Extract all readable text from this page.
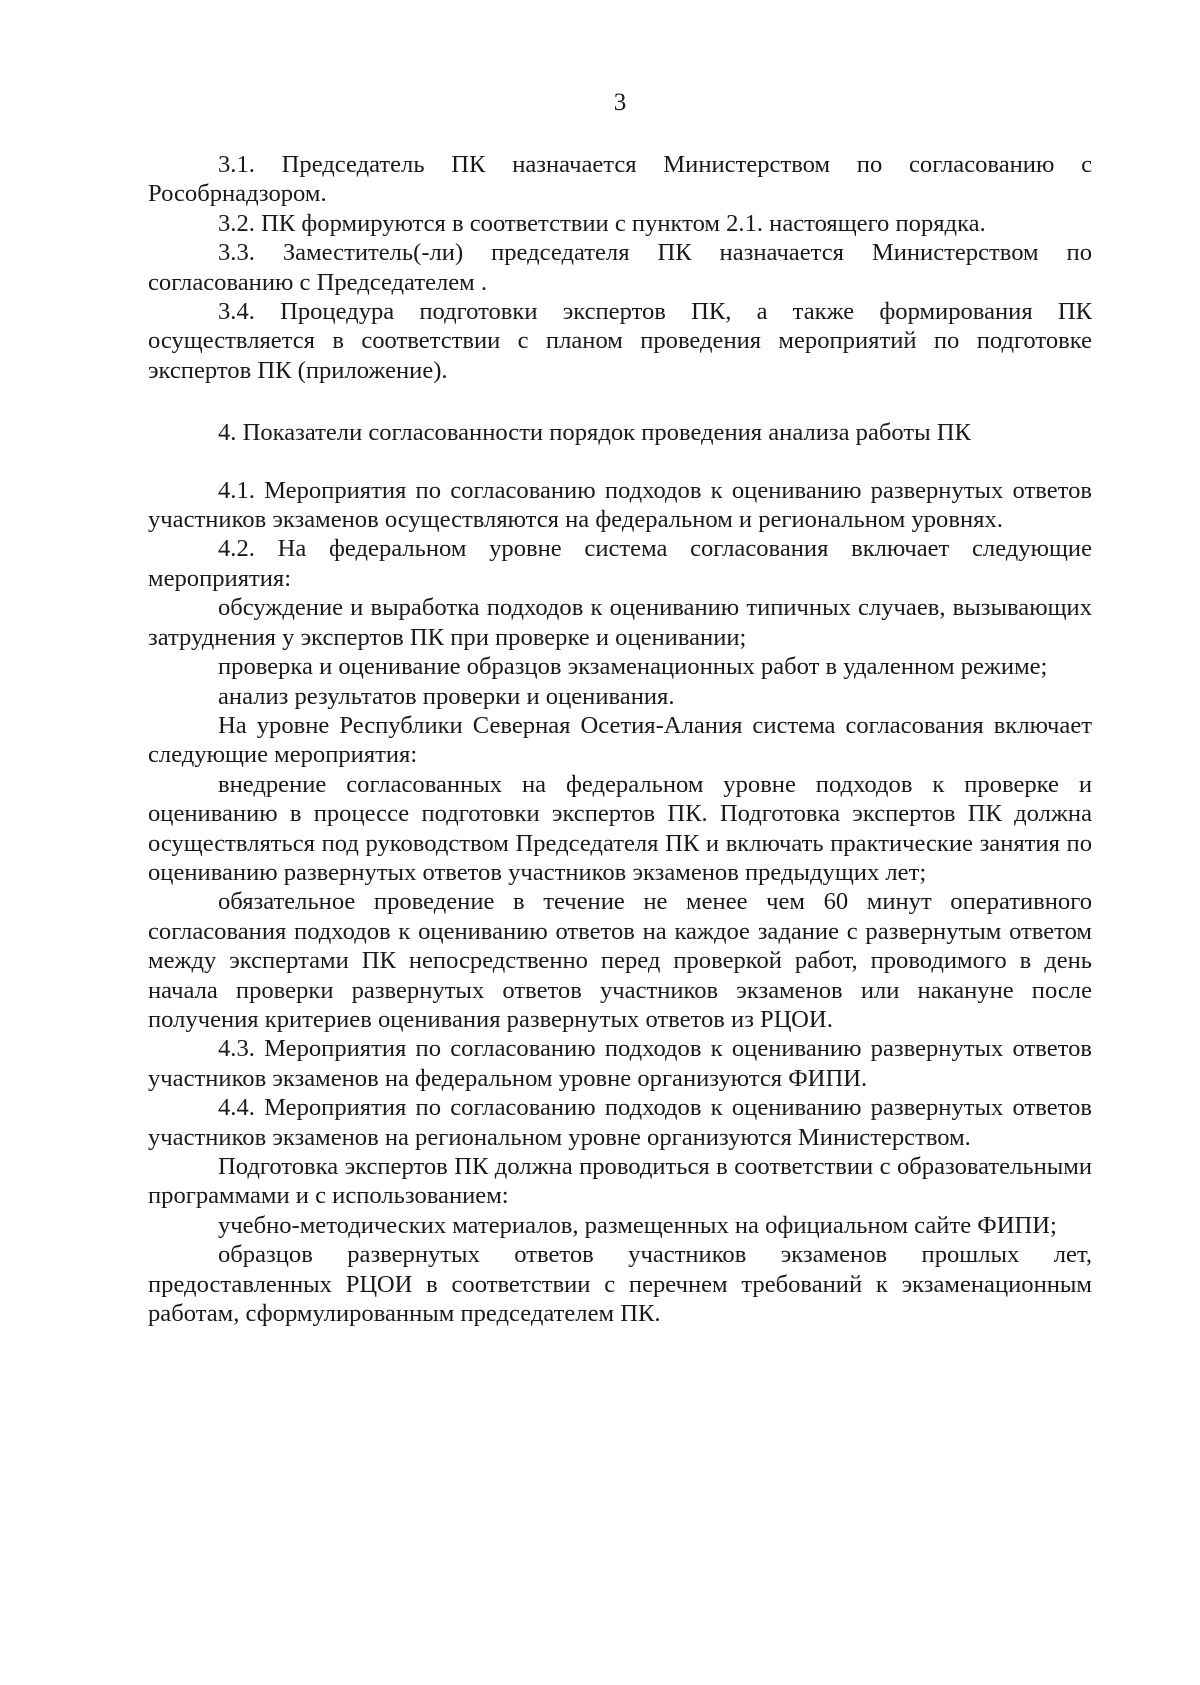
3

3.1. Председатель ПК назначается Министерством по согласованию с Рособрнадзором.

3.2. ПК формируются в соответствии с пунктом 2.1. настоящего порядка.

3.3. Заместитель(-ли) председателя ПК назначается Министерством по согласованию с Председателем .

3.4. Процедура подготовки экспертов ПК, а также формирования ПК осуществляется в соответствии с планом проведения мероприятий по подготовке экспертов ПК (приложение).

4. Показатели согласованности порядок проведения анализа работы ПК

4.1. Мероприятия по согласованию подходов к оцениванию развернутых ответов участников экзаменов осуществляются на федеральном и региональном уровнях.

4.2. На федеральном уровне система согласования включает следующие мероприятия:

обсуждение и выработка подходов к оцениванию типичных случаев, вызывающих затруднения у экспертов ПК при проверке и оценивании;

проверка и оценивание образцов экзаменационных работ в удаленном режиме;

анализ результатов проверки и оценивания.

На уровне Республики Северная Осетия-Алания система согласования включает следующие мероприятия:

внедрение согласованных на федеральном уровне подходов к проверке и оцениванию в процессе подготовки экспертов ПК. Подготовка экспертов ПК должна осуществляться под руководством Председателя ПК и включать практические занятия по оцениванию развернутых ответов участников экзаменов предыдущих лет;

обязательное проведение в течение не менее чем 60 минут оперативного согласования подходов к оцениванию ответов на каждое задание с развернутым ответом между экспертами ПК непосредственно перед проверкой работ, проводимого в день начала проверки развернутых ответов участников экзаменов или накануне после получения критериев оценивания развернутых ответов из РЦОИ.

4.3. Мероприятия по согласованию подходов к оцениванию развернутых ответов участников экзаменов на федеральном уровне организуются ФИПИ.

4.4. Мероприятия по согласованию подходов к оцениванию развернутых ответов участников экзаменов на региональном уровне организуются Министерством.

Подготовка экспертов ПК должна проводиться в соответствии с образовательными программами и с использованием:

учебно-методических материалов, размещенных на официальном сайте ФИПИ;

образцов развернутых ответов участников экзаменов прошлых лет, предоставленных РЦОИ в соответствии с перечнем требований к экзаменационным работам, сформулированным председателем ПК.
